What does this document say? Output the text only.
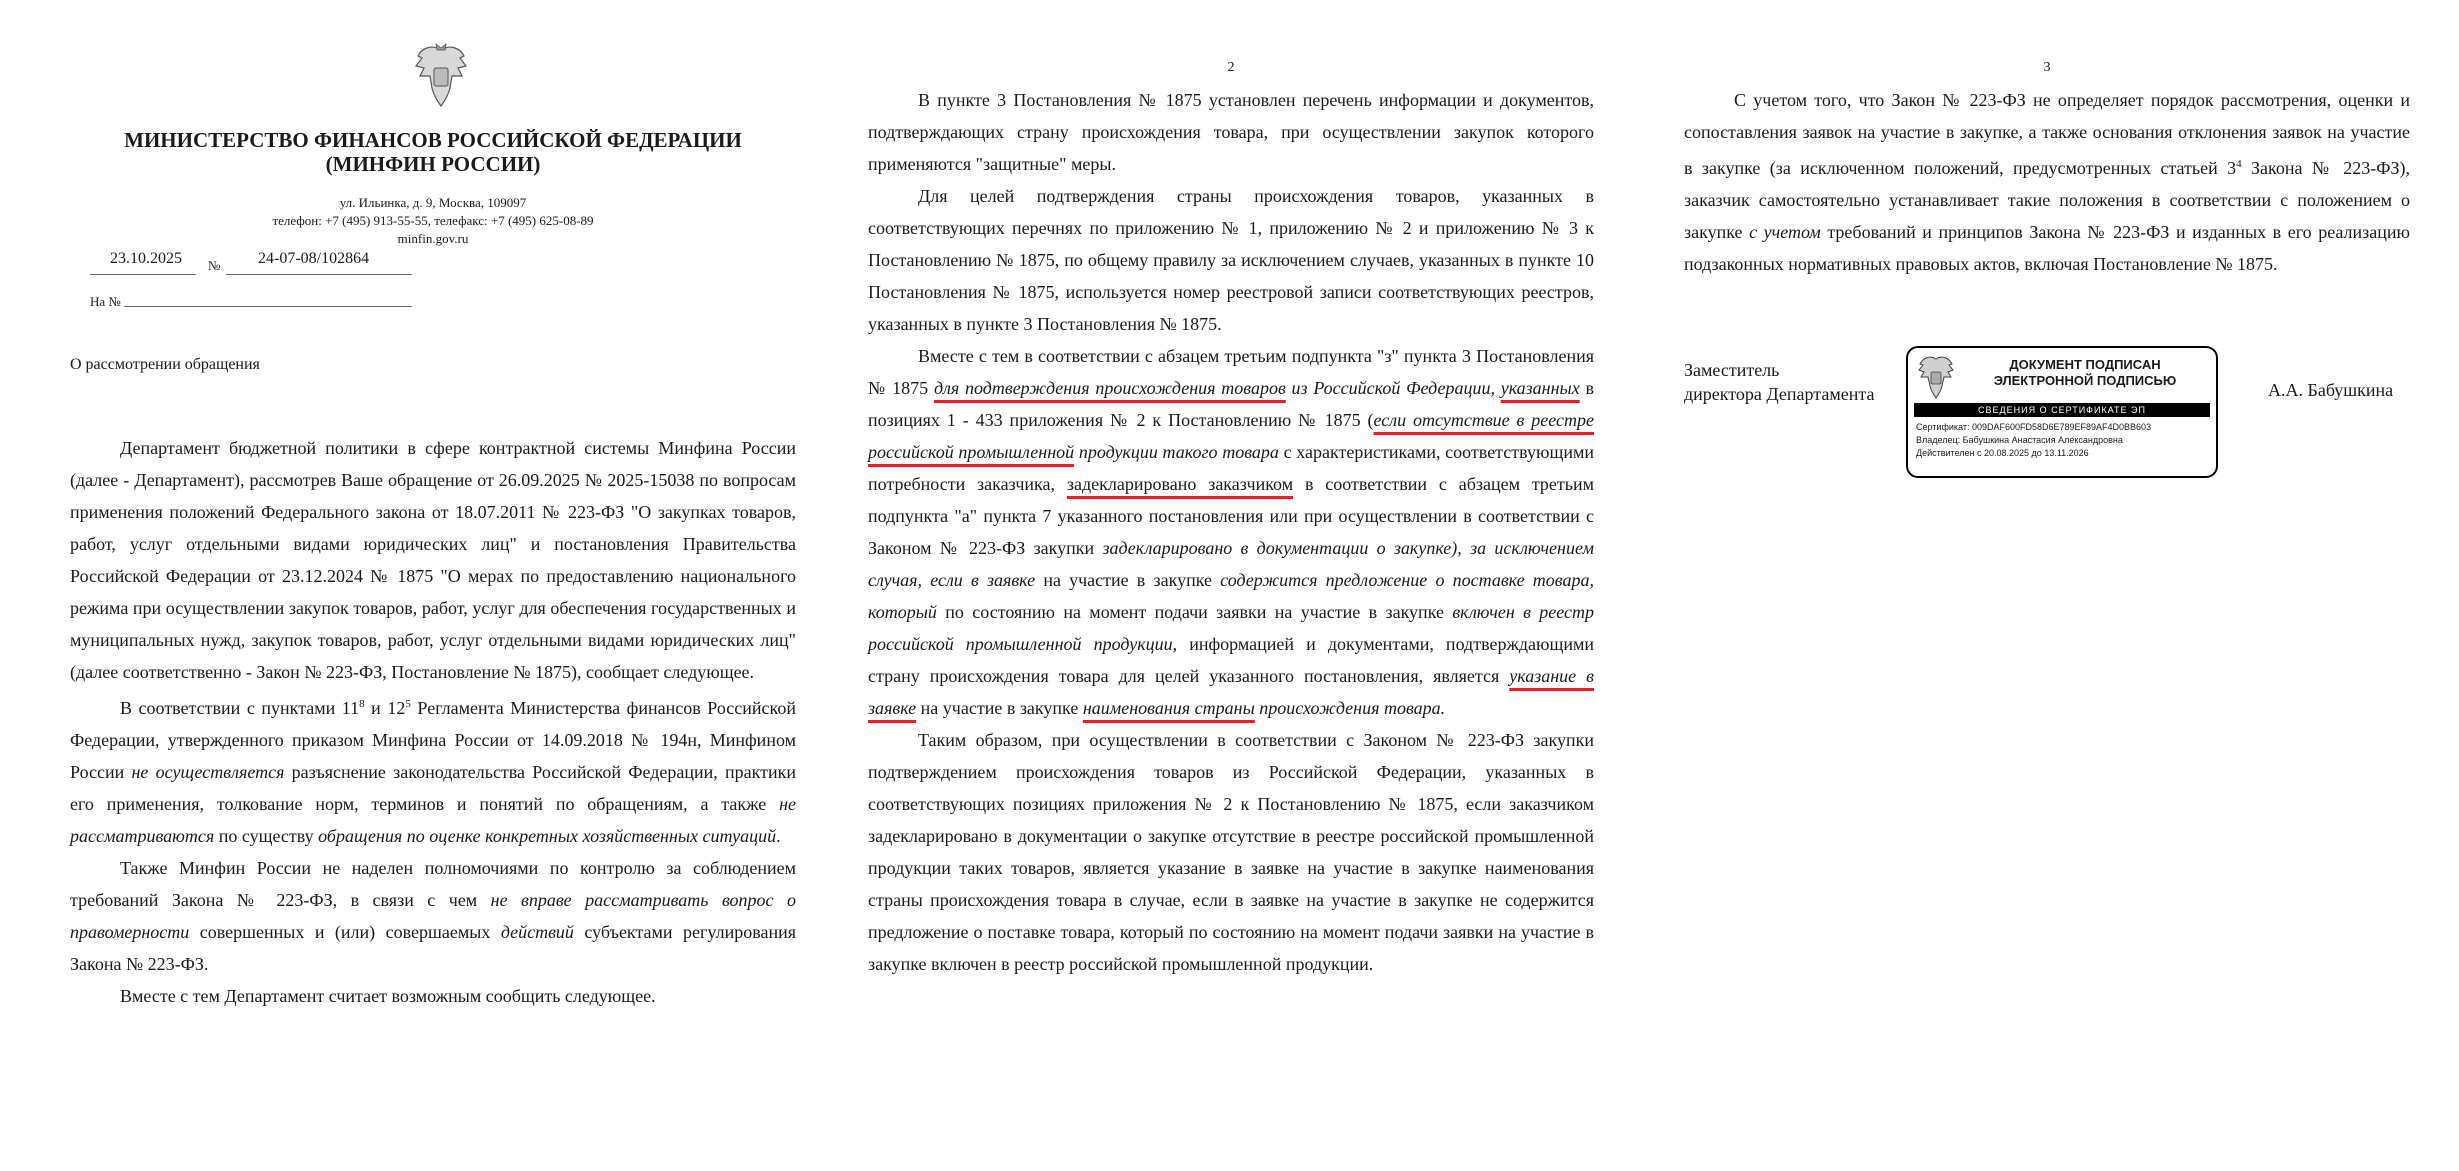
МИНИСТЕРСТВО ФИНАНСОВ РОССИЙСКОЙ ФЕДЕРАЦИИ
(МИНФИН РОССИИ)
ул. Ильинка, д. 9, Москва, 109097
телефон: +7 (495) 913-55-55, телефакс: +7 (495) 625-08-89
minfin.gov.ru
23.10.2025 № 24-07-08/102864
На №
О рассмотрении обращения

Департамент бюджетной политики в сфере контрактной системы Минфина России (далее - Департамент), рассмотрев Ваше обращение от 26.09.2025 № 2025-15038 по вопросам применения положений Федерального закона от 18.07.2011 № 223-ФЗ "О закупках товаров, работ, услуг отдельными видами юридических лиц" и постановления Правительства Российской Федерации от 23.12.2024 № 1875 "О мерах по предоставлению национального режима при осуществлении закупок товаров, работ, услуг для обеспечения государственных и муниципальных нужд, закупок товаров, работ, услуг отдельными видами юридических лиц" (далее соответственно - Закон № 223-ФЗ, Постановление № 1875), сообщает следующее.

В соответствии с пунктами $11^8$ и $12^5$ Регламента Министерства финансов Российской Федерации, утвержденного приказом Минфина России от 14.09.2018 № 194н, Минфином России не осуществляется разъяснение законодательства Российской Федерации, практики его применения, толкование норм, терминов и понятий по обращениям, а также не рассматриваются по существу обращения по оценке конкретных хозяйственных ситуаций.

Также Минфин России не наделен полномочиями по контролю за соблюдением требований Закона № 223-ФЗ, в связи с чем не вправе рассматривать вопрос о правомерности совершенных и (или) совершаемых действий субъектами регулирования Закона № 223-ФЗ.

Вместе с тем Департамент считает возможным сообщить следующее.

2

В пункте 3 Постановления № 1875 установлен перечень информации и документов, подтверждающих страну происхождения товара, при осуществлении закупок которого применяются "защитные" меры.

Для целей подтверждения страны происхождения товаров, указанных в соответствующих перечнях по приложению № 1, приложению № 2 и приложению № 3 к Постановлению № 1875, по общему правилу за исключением случаев, указанных в пункте 10 Постановления № 1875, используется номер реестровой записи соответствующих реестров, указанных в пункте 3 Постановления № 1875.

Вместе с тем в соответствии с абзацем третьим подпункта "з" пункта 3 Постановления № 1875 для подтверждения происхождения товаров из Российской Федерации, указанных в позициях 1 - 433 приложения № 2 к Постановлению № 1875 (если отсутствие в реестре российской промышленной продукции такого товара с характеристиками, соответствующими потребности заказчика, задекларировано заказчиком в соответствии с абзацем третьим подпункта "а" пункта 7 указанного постановления или при осуществлении в соответствии с Законом № 223-ФЗ закупки задекларировано в документации о закупке), за исключением случая, если в заявке на участие в закупке содержится предложение о поставке товара, который по состоянию на момент подачи заявки на участие в закупке включен в реестр российской промышленной продукции, информацией и документами, подтверждающими страну происхождения товара для целей указанного постановления, является указание в заявке на участие в закупке наименования страны происхождения товара.

Таким образом, при осуществлении в соответствии с Законом № 223-ФЗ закупки подтверждением происхождения товаров из Российской Федерации, указанных в соответствующих позициях приложения № 2 к Постановлению № 1875, если заказчиком задекларировано в документации о закупке отсутствие в реестре российской промышленной продукции таких товаров, является указание в заявке на участие в закупке наименования страны происхождения товара в случае, если в заявке на участие в закупке не содержится предложение о поставке товара, который по состоянию на момент подачи заявки на участие в закупке включен в реестр российской промышленной продукции.

3

С учетом того, что Закон № 223-ФЗ не определяет порядок рассмотрения, оценки и сопоставления заявок на участие в закупке, а также основания отклонения заявок на участие в закупке (за исключенном положений, предусмотренных статьей $3^4$ Закона № 223-ФЗ), заказчик самостоятельно устанавливает такие положения в соответствии с положением о закупке с учетом требований и принципов Закона № 223-ФЗ и изданных в его реализацию подзаконных нормативных правовых актов, включая Постановление № 1875.

Заместитель
директора Департамента
ДОКУМЕНТ ПОДПИСАН
ЭЛЕКТРОННОЙ ПОДПИСЬЮ
СВЕДЕНИЯ О СЕРТИФИКАТЕ ЭП
Сертификат: 009DAF600FD58D6E789EF89AF4D0BB603
Владелец: Бабушкина Анастасия Александровна
Действителен с 20.08.2025 до 13.11.2026
А.А. Бабушкина
